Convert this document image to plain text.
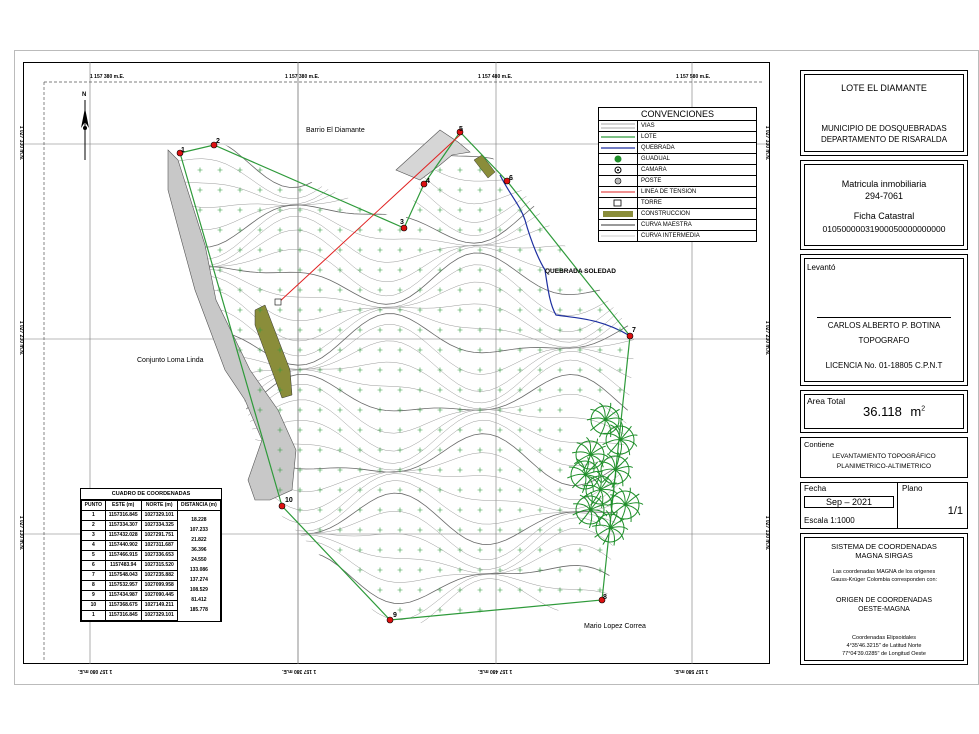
N
1 157 380 m.E.	1 157 380 m.E.	1 157 480 m.E.	1 157 580 m.E.
1 157 080 m.E.	1 157 380 m.E.	1 157 480 m.E.	1 157 580 m.E.
1 027 330 m.N.
1 027 230 m.N.
1 027 130 m.N.
1 027 330 m.N.
1 027 230 m.N.
1 027 130 m.N.
Barrio El Diamante
QUEBRADA SOLEDAD
Conjunto Loma Linda
Mario Lopez Correa
1
2
3
4
5
6
7
8
9
10
CONVENCIONES
VIAS
LOTE
QUEBRADA
GUADUAL
CAMARA
POSTE
LINEA DE TENSION
TORRE
CONSTRUCCION
CURVA MAESTRA
CURVA INTERMEDIA
CUADRO DE COORDENADAS
PUNTO	ESTE (m)	NORTE (m)	DISTANCIA (m)
1	1157316.845	1027329.101	18.228
2	1157334.307	1027334.325	107.233
3	1157432.028	1027291.751	21.822
4	1157440.902	1027311.687	36.396
5	1157466.915	1027336.653	24.550
6	1157483.94	1027315.520	133.086
7	1157548.043	1027235.882	137.274
8	1157532.957	1027099.958	108.529
9	1157434.987	1027090.445	81.412
10	1157368.675	1027149.211	185.778
1	1157316.845	1027329.101	
LOTE EL DIAMANTE
MUNICIPIO DE DOSQUEBRADAS
DEPARTAMENTO DE RISARALDA
Matricula inmobiliaria
294-7061
Ficha Catastral
01050000031900050000000000
Levantó
CARLOS ALBERTO P. BOTINA
TOPOGRAFO
LICENCIA No. 01-18805 C.P.N.T
Area Total
36.118 $m^2$
Contiene
LEVANTAMIENTO TOPOGRÁFICO
PLANIMETRICO-ALTIMETRICO
Fecha
Sep – 2021
Escala 1:1000
Plano
1/1
SISTEMA DE COORDENADAS
MAGNA SIRGAS
Las coordenadas MAGNA de los origenes
Gauss-Krüger Colombia corresponden con:
ORIGEN DE COORDENADAS
OESTE-MAGNA
Coordenadas Elipsoidales
4°35'46.3215" de Latitud Norte
77°04'39.0285" de Longitud Oeste
